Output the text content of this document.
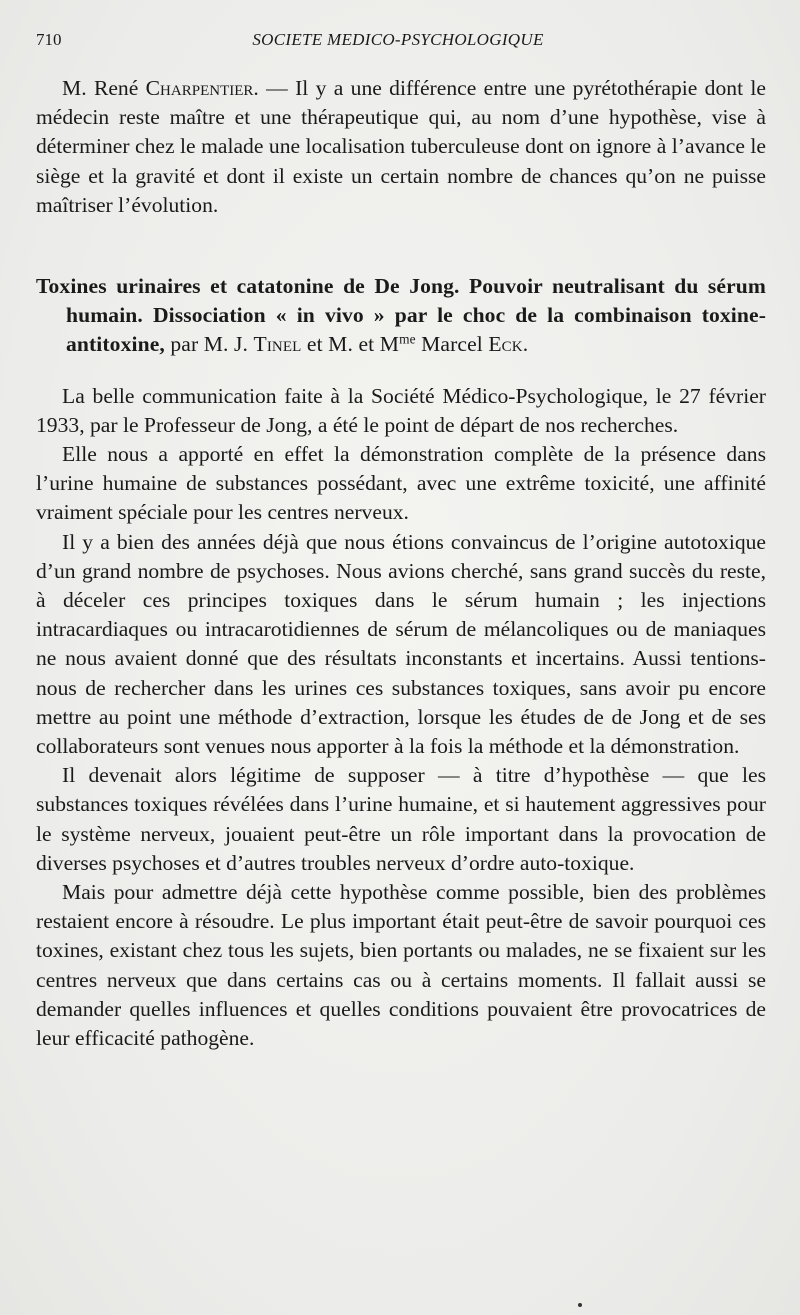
710	SOCIETE MEDICO-PSYCHOLOGIQUE

M. René Charpentier. — Il y a une différence entre une pyrétothérapie dont le médecin reste maître et une thérapeutique qui, au nom d’une hypothèse, vise à déterminer chez le malade une localisation tuberculeuse dont on ignore à l’avance le siège et la gravité et dont il existe un certain nombre de chances qu’on ne puisse maîtriser l’évolution.

Toxines urinaires et catatonine de De Jong. Pouvoir neutralisant du sérum humain. Dissociation « in vivo » par le choc de la combinaison toxine-antitoxine, par M. J. Tinel et M. et $M^{me}$ Marcel Eck.

La belle communication faite à la Société Médico-Psychologique, le 27 février 1933, par le Professeur de Jong, a été le point de départ de nos recherches.

Elle nous a apporté en effet la démonstration complète de la présence dans l’urine humaine de substances possédant, avec une extrême toxicité, une affinité vraiment spéciale pour les centres nerveux.

Il y a bien des années déjà que nous étions convaincus de l’origine autotoxique d’un grand nombre de psychoses. Nous avions cherché, sans grand succès du reste, à déceler ces principes toxiques dans le sérum humain ; les injections intracardiaques ou intracarotidiennes de sérum de mélancoliques ou de maniaques ne nous avaient donné que des résultats inconstants et incertains. Aussi tentions-nous de rechercher dans les urines ces substances toxiques, sans avoir pu encore mettre au point une méthode d’extraction, lorsque les études de de Jong et de ses collaborateurs sont venues nous apporter à la fois la méthode et la démonstration.

Il devenait alors légitime de supposer — à titre d’hypothèse — que les substances toxiques révélées dans l’urine humaine, et si hautement aggressives pour le système nerveux, jouaient peut-être un rôle important dans la provocation de diverses psychoses et d’autres troubles nerveux d’ordre auto-toxique.

Mais pour admettre déjà cette hypothèse comme possible, bien des problèmes restaient encore à résoudre. Le plus important était peut-être de savoir pourquoi ces toxines, existant chez tous les sujets, bien portants ou malades, ne se fixaient sur les centres nerveux que dans certains cas ou à certains moments. Il fallait aussi se demander quelles influences et quelles conditions pouvaient être provocatrices de leur efficacité pathogène.
